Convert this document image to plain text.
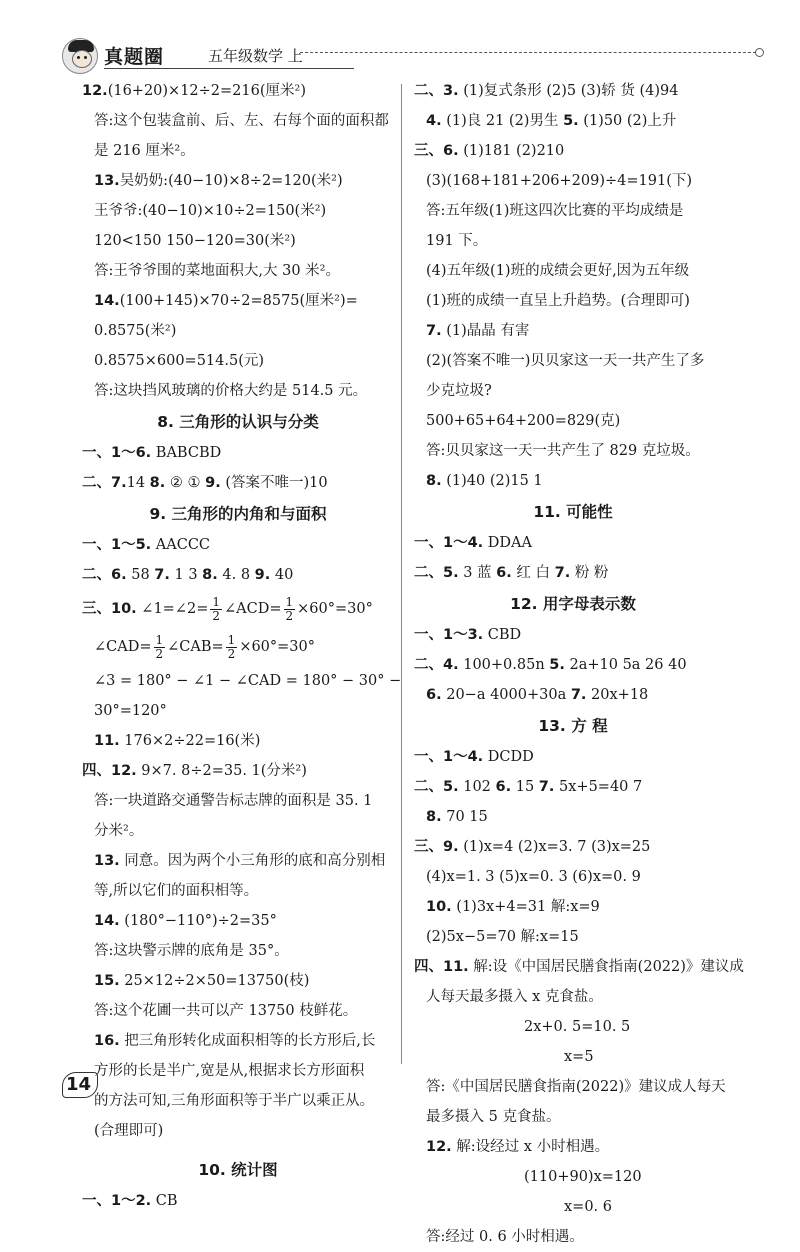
真题圈	五年级数学 上
12.(16+20)×12÷2=216(厘米²)
答:这个包装盒前、后、左、右每个面的面积都
是 216 厘米²。
13.吴奶奶:(40−10)×8÷2=120(米²)
王爷爷:(40−10)×10÷2=150(米²)
120<150 150−120=30(米²)
答:王爷爷围的菜地面积大,大 30 米²。
14.(100+145)×70÷2=8575(厘米²)=
0.8575(米²)
0.8575×600=514.5(元)
答:这块挡风玻璃的价格大约是 514.5 元。
8. 三角形的认识与分类
一、1～6. BABCBD
二、7.14 8. ② ① 9. (答案不唯一)10
9. 三角形的内角和与面积
一、1～5. AACCC
二、6. 58 7. 1 3 8. 4. 8 9. 40
三、10. ∠1=∠2= $\frac{1}{2}$ ∠ACD= $\frac{1}{2} \times 60^\circ=30^\circ$
∠CAD= $\frac{1}{2}$ ∠CAB= $\frac{1}{2} \times 60^\circ=30^\circ$
∠3 = 180° − ∠1 − ∠CAD = 180° − 30° −
30°=120°
11. 176×2÷22=16(米)
四、12. 9×7. 8÷2=35. 1(分米²)
答:一块道路交通警告标志牌的面积是 35. 1
分米²。
13. 同意。因为两个小三角形的底和高分别相
等,所以它们的面积相等。
14. (180°−110°)÷2=35°
答:这块警示牌的底角是 35°。
15. 25×12÷2×50=13750(枝)
答:这个花圃一共可以产 13750 枝鲜花。
16. 把三角形转化成面积相等的长方形后,长
方形的长是半广,宽是从,根据求长方形面积
的方法可知,三角形面积等于半广以乘正从。
(合理即可)
10. 统计图
一、1～2. CB
二、3. (1)复式条形 (2)5 (3)轿 货 (4)94
4. (1)良 21 (2)男生 5. (1)50 (2)上升
三、6. (1)181 (2)210
(3)(168+181+206+209)÷4=191(下)
答:五年级(1)班这四次比赛的平均成绩是
191 下。
(4)五年级(1)班的成绩会更好,因为五年级
(1)班的成绩一直呈上升趋势。(合理即可)
7. (1)晶晶 有害
(2)(答案不唯一)贝贝家这一天一共产生了多
少克垃圾?
500+65+64+200=829(克)
答:贝贝家这一天一共产生了 829 克垃圾。
8. (1)40 (2)15 1
11. 可能性
一、1～4. DDAA
二、5. 3 蓝 6. 红 白 7. 粉 粉
12. 用字母表示数
一、1～3. CBD
二、4. 100+0.85n 5. 2a+10 5a 26 40
6. 20−a 4000+30a 7. 20x+18
13. 方 程
一、1～4. DCDD
二、5. 102 6. 15 7. 5x+5=40 7
8. 70 15
三、9. (1)x=4 (2)x=3. 7 (3)x=25
(4)x=1. 3 (5)x=0. 3 (6)x=0. 9
10. (1)3x+4=31 解:x=9
(2)5x−5=70 解:x=15
四、11. 解:设《中国居民膳食指南(2022)》建议成
人每天最多摄入 x 克食盐。
2x+0. 5=10. 5
x=5
答:《中国居民膳食指南(2022)》建议成人每天
最多摄入 5 克食盐。
12. 解:设经过 x 小时相遇。
(110+90)x=120
x=0. 6
答:经过 0. 6 小时相遇。
14
